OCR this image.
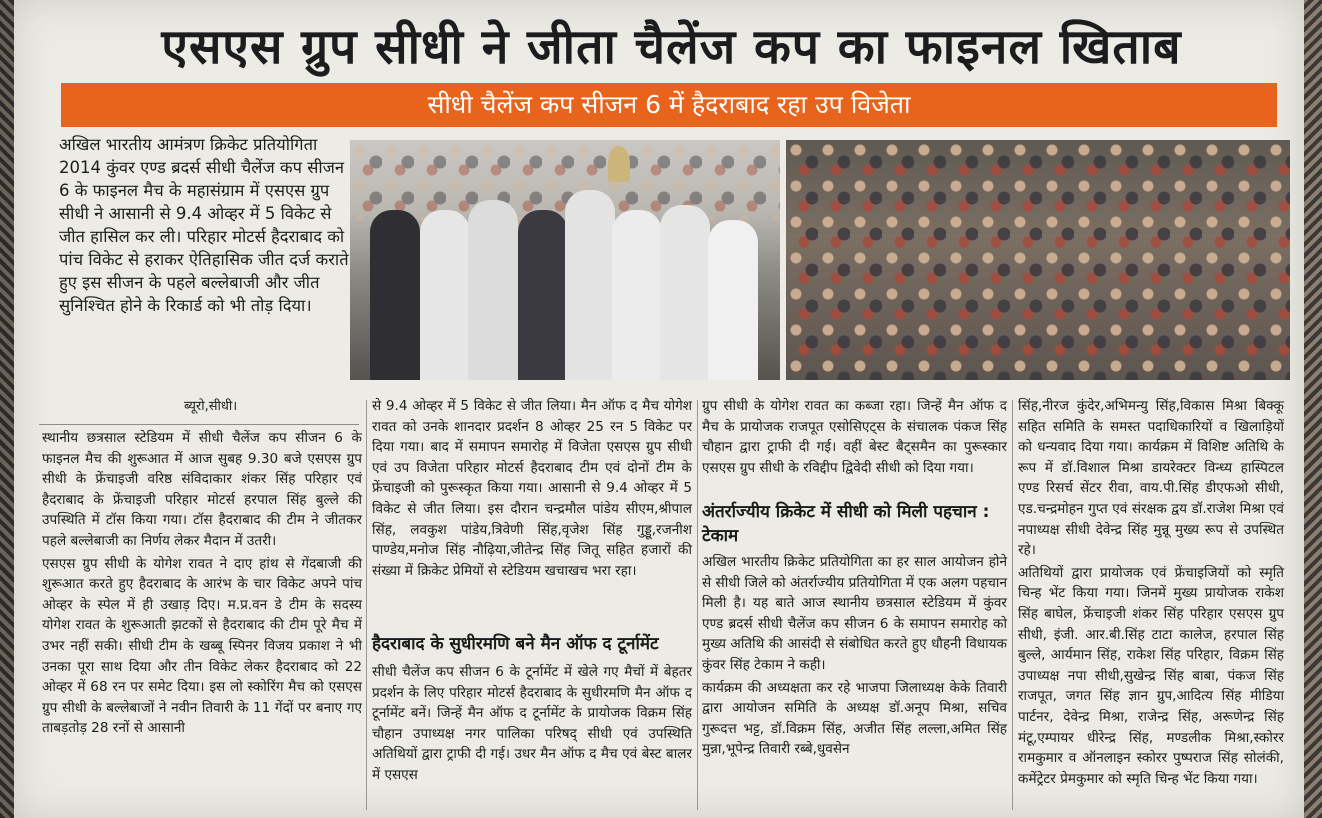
एसएस ग्रुप सीधी ने जीता चैलेंज कप का फाइनल खिताब
सीधी चैलेंज कप सीजन 6 में हैदराबाद रहा उप विजेता
अखिल भारतीय आमंत्रण क्रिकेट प्रतियोगिता 2014 कुंवर एण्ड ब्रदर्स सीधी चैलेंज कप सीजन 6 के फाइनल मैच के महासंग्राम में एसएस ग्रुप सीधी ने आसानी से 9.4 ओव्हर में 5 विकेट से जीत हासिल कर ली। परिहार मोटर्स हैदराबाद को पांच विकेट से हराकर ऐतिहासिक जीत दर्ज कराते हुए इस सीजन के पहले बल्लेबाजी और जीत सुनिश्चित होने के रिकार्ड को भी तोड़ दिया।
ब्यूरो,सीधी।

स्थानीय छत्रसाल स्टेडियम में सीधी चैलेंज कप सीजन 6 के फाइनल मैच की शुरूआत में आज सुबह 9.30 बजे एसएस ग्रुप सीधी के फ्रेंचाइजी वरिष्ठ संविदाकार शंकर सिंह परिहार एवं हैदराबाद के फ्रेंचाइजी परिहार मोटर्स हरपाल सिंह बुल्ले की उपस्थिति में टॉस किया गया। टॉस हैदराबाद की टीम ने जीतकर पहले बल्लेबाजी का निर्णय लेकर मैदान में उतरी।

एसएस ग्रुप सीधी के योगेश रावत ने दाए हांथ से गेंदबाजी की शुरूआत करते हुए हैदराबाद के आरंभ के चार विकेट अपने पांच ओव्हर के स्पेल में ही उखाड़ दिए। म.प्र.वन डे टीम के सदस्य योगेश रावत के शुरूआती झटकों से हैदराबाद की टीम पूरे मैच में उभर नहीं सकी। सीधी टीम के खब्बू स्पिनर विजय प्रकाश ने भी उनका पूरा साथ दिया और तीन विकेट लेकर हैदराबाद को 22 ओव्हर में 68 रन पर समेट दिया। इस लो स्कोरिंग मैच को एसएस ग्रुप सीधी के बल्लेबाजों ने नवीन तिवारी के 11 गेंदों पर बनाए गए ताबड़तोड़ 28 रनों से आसानी

से 9.4 ओव्हर में 5 विकेट से जीत लिया। मैन ऑफ द मैच योगेश रावत को उनके शानदार प्रदर्शन 8 ओव्हर 25 रन 5 विकेट पर दिया गया। बाद में समापन समारोह में विजेता एसएस ग्रुप सीधी एवं उप विजेता परिहार मोटर्स हैदराबाद टीम एवं दोनों टीम के फ्रेंचाइजी को पुरूस्कृत किया गया। आसानी से 9.4 ओव्हर में 5 विकेट से जीत लिया। इस दौरान चन्द्रमौल पांडेय सीएम,श्रीपाल सिंह, लवकुश पांडेय,त्रिवेणी सिंह,वृजेश सिंह गुड्डू,रजनीश पाण्डेय,मनोज सिंह नौढ़िया,जीतेन्द्र सिंह जितू सहित हजारों की संख्या में क्रिकेट प्रेमियों से स्टेडियम खचाखच भरा रहा।

हैदराबाद के सुधीरमणि बने मैन ऑफ द टूर्नामेंट

सीधी चैलेंज कप सीजन 6 के टूर्नामेंट में खेले गए मैचों में बेहतर प्रदर्शन के लिए परिहार मोटर्स हैदराबाद के सुधीरमणि मैन ऑफ द टूर्नामेंट बनें। जिन्हें मैन ऑफ द टूर्नामेंट के प्रायोजक विक्रम सिंह चौहान उपाध्यक्ष नगर पालिका परिषद् सीधी एवं उपस्थिति अतिथियों द्वारा ट्राफी दी गई। उधर मैन ऑफ द मैच एवं बेस्ट बालर में एसएस

ग्रुप सीधी के योगेश रावत का कब्जा रहा। जिन्हें मैन ऑफ द मैच के प्रायोजक राजपूत एसोसिएट्स के संचालक पंकज सिंह चौहान द्वारा ट्राफी दी गई। वहीं बेस्ट बैट्समैन का पुरूस्कार एसएस ग्रुप सीधी के रविद्दीप द्विवेदी सीधी को दिया गया।

अंतर्राज्यीय क्रिकेट में सीधी को मिली पहचान : टेकाम

अखिल भारतीय क्रिकेट प्रतियोगिता का हर साल आयोजन होने से सीधी जिले को अंतर्राज्यीय प्रतियोगिता में एक अलग पहचान मिली है। यह बाते आज स्थानीय छत्रसाल स्टेडियम में कुंवर एण्ड ब्रदर्स सीधी चैलेंज कप सीजन 6 के समापन समारोह को मुख्य अतिथि की आसंदी से संबोधित करते हुए धौहनी विधायक कुंवर सिंह टेकाम ने कही।

कार्यक्रम की अध्यक्षता कर रहे भाजपा जिलाध्यक्ष केके तिवारी द्वारा आयोजन समिति के अध्यक्ष डॉ.अनूप मिश्रा, सचिव गुरूदत्त भट्ट, डॉ.विक्रम सिंह, अजीत सिंह लल्ला,अमित सिंह मुन्ना,भूपेन्द्र तिवारी रब्बे,धुवसेन

सिंह,नीरज कुंदेर,अभिमन्यु सिंह,विकास मिश्रा बिक्कू सहित समिति के समस्त पदाधिकारियों व खिलाड़ियों को धन्यवाद दिया गया। कार्यक्रम में विशिष्ट अतिथि के रूप में डॉ.विशाल मिश्रा डायरेक्टर विन्ध्य हास्पिटल एण्ड रिसर्च सेंटर रीवा, वाय.पी.सिंह डीएफओ सीधी, एड.चन्द्रमोहन गुप्त एवं संरक्षक द्वय डॉ.राजेश मिश्रा एवं नपाध्यक्ष सीधी देवेन्द्र सिंह मुन्नू मुख्य रूप से उपस्थित रहे।

अतिथियों द्वारा प्रायोजक एवं फ्रेंचाइजियों को स्मृति चिन्ह भेंट किया गया। जिनमें मुख्य प्रायोजक राकेश सिंह बाघेल, फ्रेंचाइजी शंकर सिंह परिहार एसएस ग्रुप सीधी, इंजी. आर.बी.सिंह टाटा कालेज, हरपाल सिंह बुल्ले, आर्यमान सिंह, राकेश सिंह परिहार, विक्रम सिंह उपाध्यक्ष नपा सीधी,सुखेन्द्र सिंह बाबा, पंकज सिंह राजपूत, जगत सिंह ज्ञान ग्रुप,आदित्य सिंह मीडिया पार्टनर, देवेन्द्र मिश्रा, राजेन्द्र सिंह, अरूणेन्द्र सिंह मंटू,एम्पायर धीरेन्द्र सिंह, मण्डलीक मिश्रा,स्कोरर रामकुमार व ऑनलाइन स्कोरर पुष्पराज सिंह सोलंकी, कमेंट्रेटर प्रेमकुमार को स्मृति चिन्ह भेंट किया गया।
